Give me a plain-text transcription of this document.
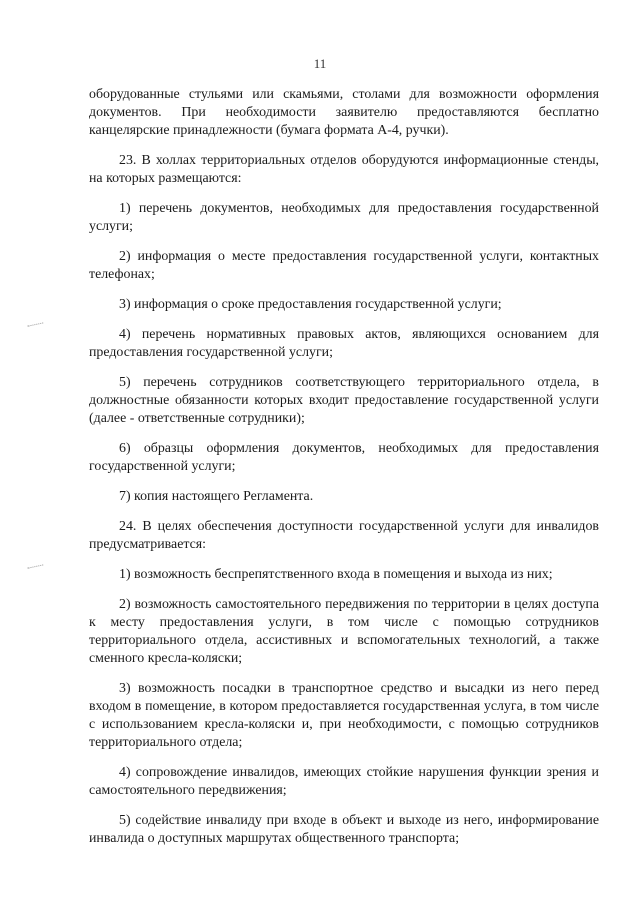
11

оборудованные стульями или скамьями, столами для возможности оформления документов. При необходимости заявителю предоставляются бесплатно канцелярские принадлежности (бумага формата А-4, ручки).

23. В холлах территориальных отделов оборудуются информационные стенды, на которых размещаются:

1) перечень документов, необходимых для предоставления государственной услуги;

2) информация о месте предоставления государственной услуги, контактных телефонах;

3) информация о сроке предоставления государственной услуги;

4) перечень нормативных правовых актов, являющихся основанием для предоставления государственной услуги;

5) перечень сотрудников соответствующего территориального отдела, в должностные обязанности которых входит предоставление государственной услуги (далее - ответственные сотрудники);

6) образцы оформления документов, необходимых для предоставления государственной услуги;

7) копия настоящего Регламента.

24. В целях обеспечения доступности государственной услуги для инвалидов предусматривается:

1) возможность беспрепятственного входа в помещения и выхода из них;

2) возможность самостоятельного передвижения по территории в целях доступа к месту предоставления услуги, в том числе с помощью сотрудников территориального отдела, ассистивных и вспомогательных технологий, а также сменного кресла-коляски;

3) возможность посадки в транспортное средство и высадки из него перед входом в помещение, в котором предоставляется государственная услуга, в том числе с использованием кресла-коляски и, при необходимости, с помощью сотрудников территориального отдела;

4) сопровождение инвалидов, имеющих стойкие нарушения функции зрения и самостоятельного передвижения;

5) содействие инвалиду при входе в объект и выходе из него, информирование инвалида о доступных маршрутах общественного транспорта;
